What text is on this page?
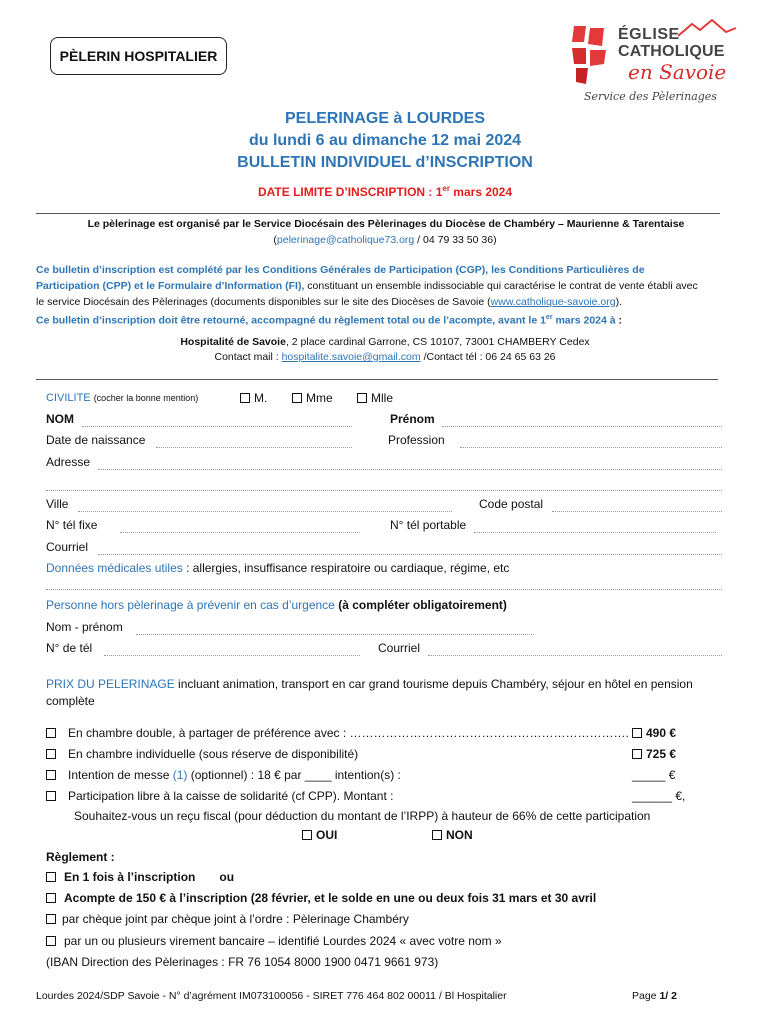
PÈLERIN HOSPITALIER
ÉGLISE
CATHOLIQUE
en Savoie
Service des Pèlerinages
PELERINAGE à LOURDES
du lundi 6 au dimanche 12 mai 2024
BULLETIN INDIVIDUEL d’INSCRIPTION
DATE LIMITE D’INSCRIPTION : 1er mars 2024
Le pèlerinage est organisé par le Service Diocésain des Pèlerinages du Diocèse de Chambéry – Maurienne & Tarentaise
(pelerinage@catholique73.org / 04 79 33 50 36)
Ce bulletin d’inscription est complété par les Conditions Générales de Participation (CGP), les Conditions Particulières de Participation (CPP) et le Formulaire d’Information (FI), constituant un ensemble indissociable qui caractérise le contrat de vente établi avec le service Diocésain des Pèlerinages (documents disponibles sur le site des Diocèses de Savoie (www.catholique-savoie.org).
Ce bulletin d’inscription doit être retourné, accompagné du règlement total ou de l’acompte, avant le 1er mars 2024 à :
Hospitalité de Savoie, 2 place cardinal Garrone, CS 10107, 73001 CHAMBERY Cedex
Contact mail : hospitalite.savoie@gmail.com /Contact tél : 06 24 65 63 26
CIVILITE (cocher la bonne mention)	M.	Mme	Mlle
NOM	Prénom
Date de naissance	Profession
Adresse
Ville	Code postal
N° tél fixe	N° tél portable
Courriel
Données médicales utiles : allergies, insuffisance respiratoire ou cardiaque, régime, etc
Personne hors pèlerinage à prévenir en cas d’urgence (à compléter obligatoirement)
Nom - prénom
N° de tél	Courriel
PRIX DU PELERINAGE incluant animation, transport en car grand tourisme depuis Chambéry, séjour en hôtel en pension complète
En chambre double, à partager de préférence avec : …………………………………………………………….	490 €
En chambre individuelle (sous réserve de disponibilité)	725 €
Intention de messe (1) (optionnel) : 18 € par ____ intention(s) :	_____ €
Participation libre à la caisse de solidarité (cf CPP). Montant :	______ €,
Souhaitez-vous un reçu fiscal (pour déduction du montant de l’IRPP) à hauteur de 66% de cette participation
OUI	NON
Règlement :
En 1 fois à l’inscription ou
Acompte de 150 € à l’inscription (28 février, et le solde en une ou deux fois 31 mars et 30 avril
par chèque joint par chèque joint à l’ordre : Pèlerinage Chambéry
par un ou plusieurs virement bancaire – identifié Lourdes 2024 « avec votre nom »
(IBAN Direction des Pèlerinages : FR 76 1054 8000 1900 0471 9661 973)
Lourdes 2024/SDP Savoie - N° d’agrément IM073100056 - SIRET 776 464 802 00011 / Bl Hospitalier	Page 1/ 2
